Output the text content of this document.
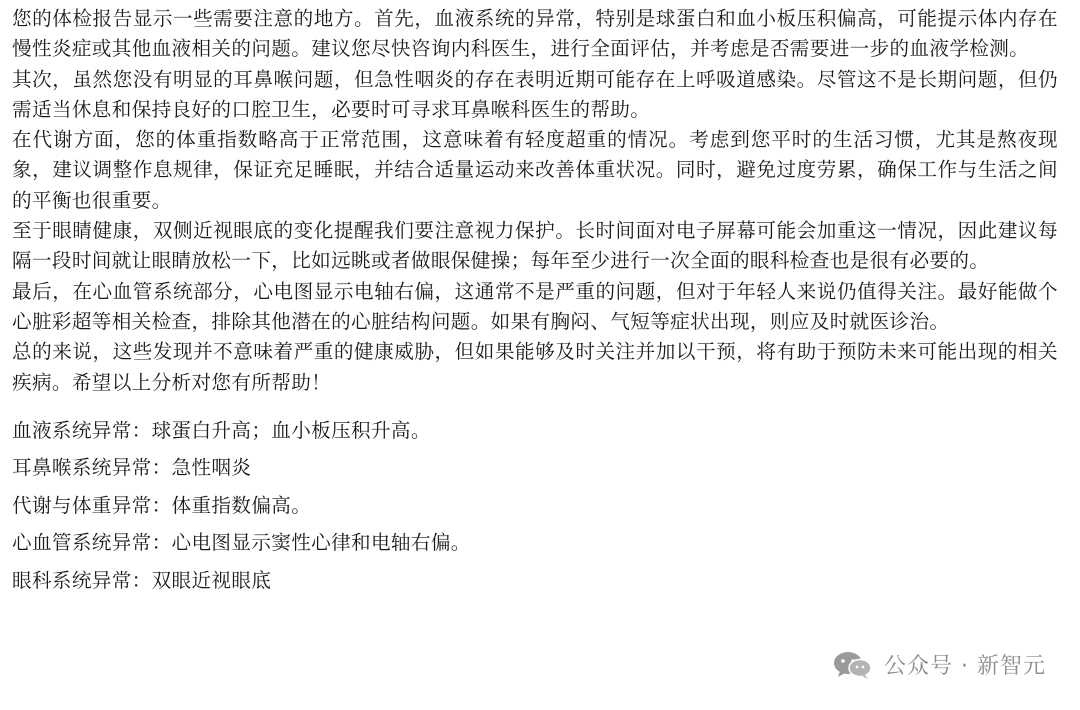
您的体检报告显示一些需要注意的地方。首先，血液系统的异常，特别是球蛋白和血小板压积偏高，可能提示体内存在慢性炎症或其他血液相关的问题。建议您尽快咨询内科医生，进行全面评估，并考虑是否需要进一步的血液学检测。

其次，虽然您没有明显的耳鼻喉问题，但急性咽炎的存在表明近期可能存在上呼吸道感染。尽管这不是长期问题，但仍需适当休息和保持良好的口腔卫生，必要时可寻求耳鼻喉科医生的帮助。

在代谢方面，您的体重指数略高于正常范围，这意味着有轻度超重的情况。考虑到您平时的生活习惯，尤其是熬夜现象，建议调整作息规律，保证充足睡眠，并结合适量运动来改善体重状况。同时，避免过度劳累，确保工作与生活之间的平衡也很重要。

至于眼睛健康，双侧近视眼底的变化提醒我们要注意视力保护。长时间面对电子屏幕可能会加重这一情况，因此建议每隔一段时间就让眼睛放松一下，比如远眺或者做眼保健操；每年至少进行一次全面的眼科检查也是很有必要的。

最后，在心血管系统部分，心电图显示电轴右偏，这通常不是严重的问题，但对于年轻人来说仍值得关注。最好能做个心脏彩超等相关检查，排除其他潜在的心脏结构问题。如果有胸闷、气短等症状出现，则应及时就医诊治。

总的来说，这些发现并不意味着严重的健康威胁，但如果能够及时关注并加以干预，将有助于预防未来可能出现的相关疾病。希望以上分析对您有所帮助！

血液系统异常：球蛋白升高；血小板压积升高。

耳鼻喉系统异常：急性咽炎

代谢与体重异常：体重指数偏高。

心血管系统异常：心电图显示窦性心律和电轴右偏。

眼科系统异常：双眼近视眼底

公众号 · 新智元
